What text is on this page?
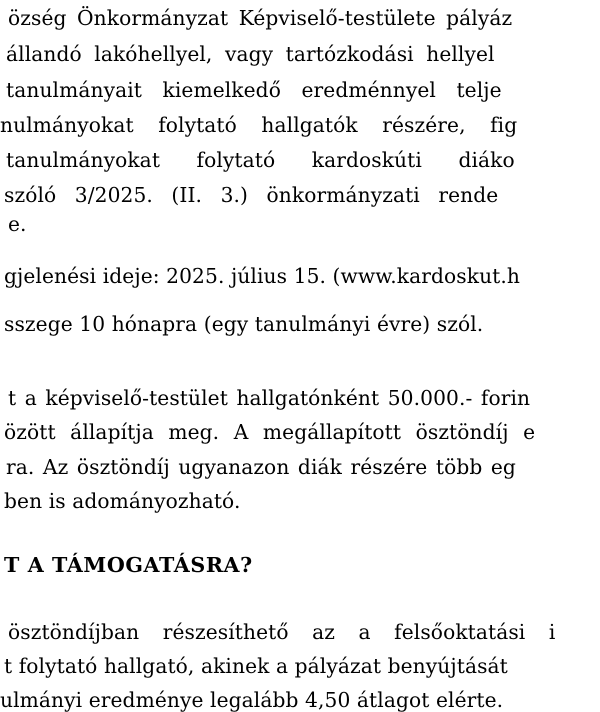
özség Önkormányzat Képviselő-testülete pályáz
állandó lakóhellyel, vagy tartózkodási hellyel
tanulmányait kiemelkedő eredménnyel telje
nulmányokat folytató hallgatók részére, fig
tanulmányokat folytató kardoskúti diáko
szóló 3/2025. (II. 3.) önkormányzati rende
e.
gjelenési ideje: 2025. július 15. (www.kardoskut.h
sszege 10 hónapra (egy tanulmányi évre) szól.
t a képviselő-testület hallgatónként 50.000.- forin
özött állapítja meg. A megállapított ösztöndíj e
ra. Az ösztöndíj ugyanazon diák részére több eg
ben is adományozható.
T A TÁMOGATÁSRA?
ösztöndíjban részesíthető az a felsőoktatási i
t folytató hallgató, akinek a pályázat benyújtását
ulmányi eredménye legalább 4,50 átlagot elérte.
